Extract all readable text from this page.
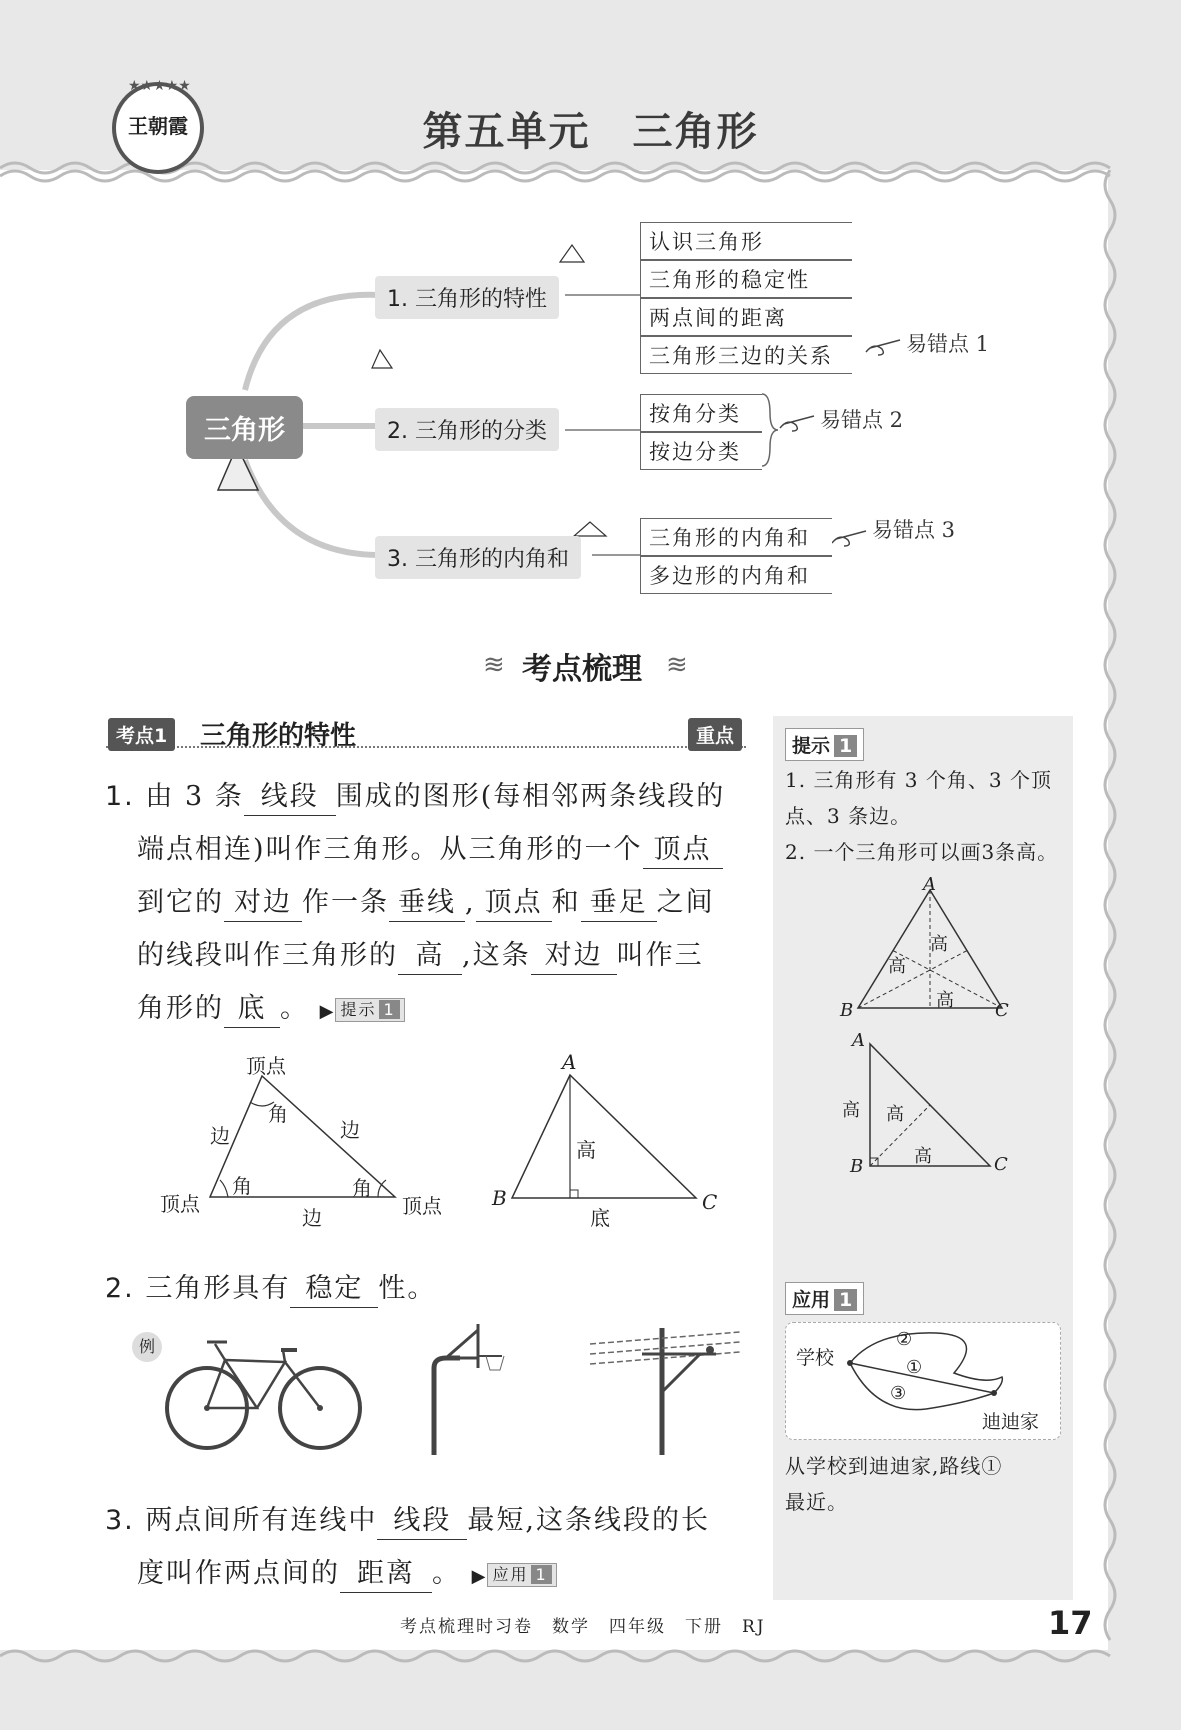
王朝霞
★★★★★
第五单元　三角形
三角形
1. 三角形的特性
2. 三角形的分类
3. 三角形的内角和
认识三角形
三角形的稳定性
两点间的距离
三角形三边的关系	易错点 1
按角分类
按边分类
易错点 2
三角形的内角和
多边形的内角和
易错点 3
≋ 考点梳理 ≋
考点1	三角形的特性	重点
1. 由 3 条 线段 围成的图形(每相邻两条线段的
端点相连)叫作三角形。从三角形的一个 顶点
到它的 对边 作一条 垂线 , 顶点 和 垂足 之间
的线段叫作三角形的 高 ,这条 对边 叫作三
角形的 底 。 ▶ 提示 1
顶点
顶点	顶点
角
角	角
边	边
边
A
B	C
高
底
2. 三角形具有 稳定 性。
例
3. 两点间所有连线中 线段 最短,这条线段的长
度叫作两点间的 距离 。 ▶ 应用 1
提示 1
1. 三角形有 3 个角、3 个顶
点、3 条边。
2. 一个三角形可以画3条高。
A
B	C
高
高
高
A
B	C
高 高
高
应用 1
学校
迪迪家
①
②
③
从学校到迪迪家,路线①
最近。
考点梳理时习卷　数学　四年级　下册　RJ	17
